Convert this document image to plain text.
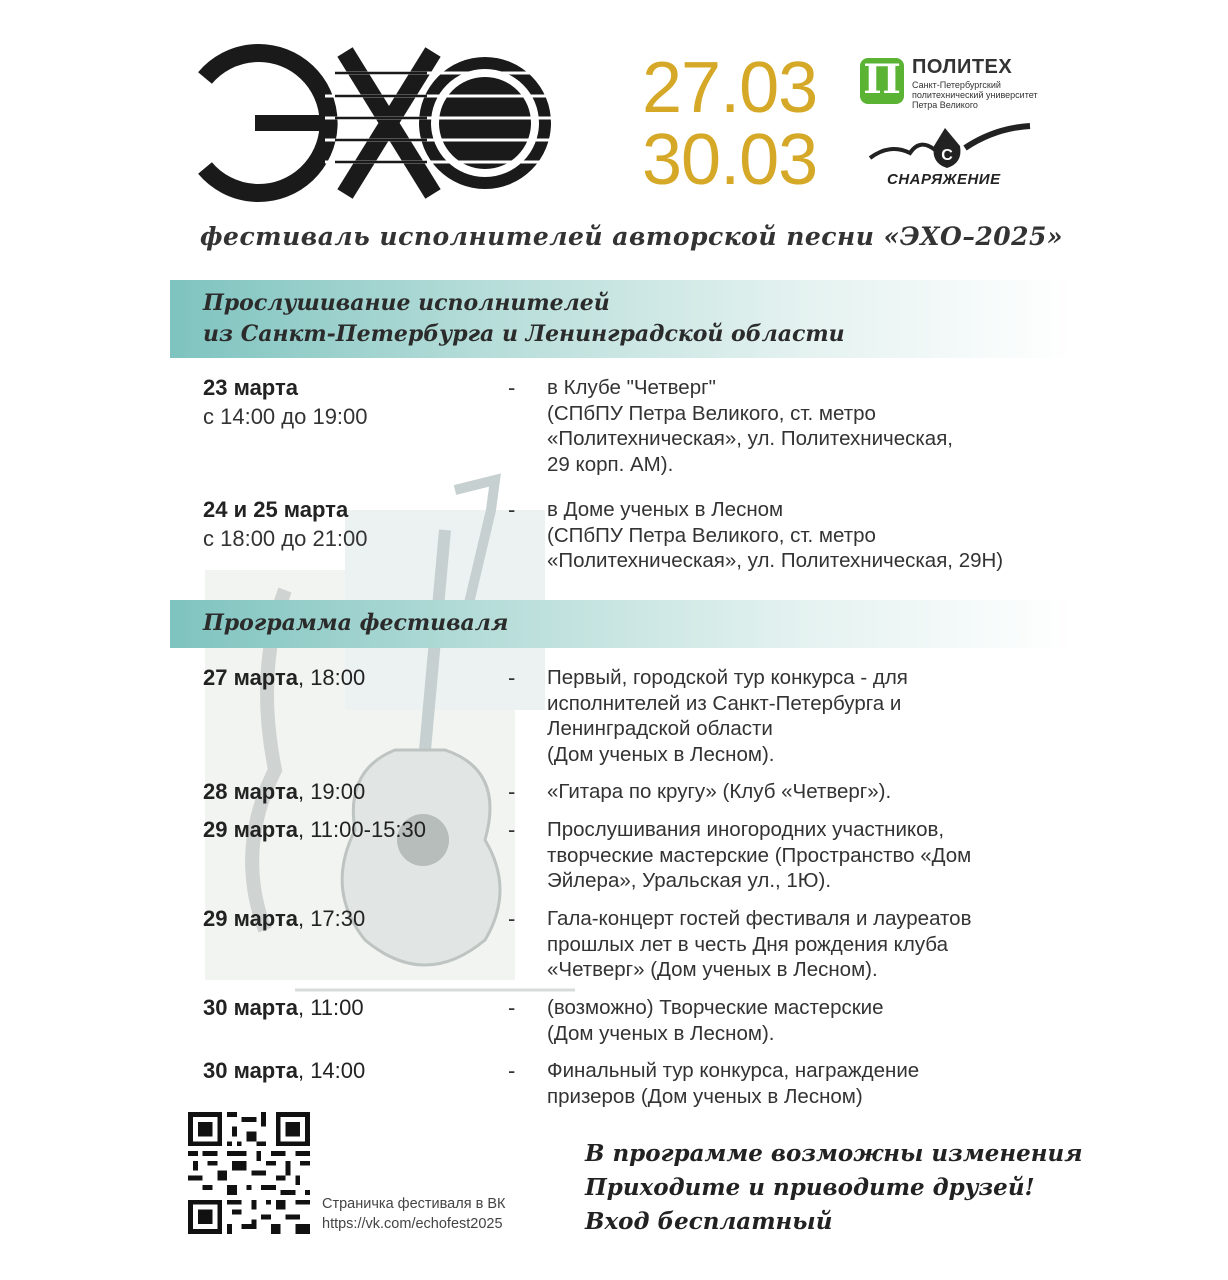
27.03
30.03
П ПОЛИТЕХ
Санкт-Петербургский
политехнический университет
Петра Великого
C
СНАРЯЖЕНИЕ
фестиваль исполнителей авторской песни «ЭХО–2025»
Прослушивание исполнителей
из Санкт-Петербурга и Ленинградской области
23 марта
с 14:00 до 19:00
- в Клубе "Четверг"
(СПбПУ Петра Великого, ст. метро
«Политехническая», ул. Политехническая,
29 корп. АМ).
24 и 25 марта
с 18:00 до 21:00
- в Доме ученых в Лесном
(СПбПУ Петра Великого, ст. метро
«Политехническая», ул. Политехническая, 29Н)
Программа фестиваля
27 марта, 18:00	- Первый, городской тур конкурса - для
исполнителей из Санкт-Петербурга и
Ленинградской области
(Дом ученых в Лесном).
28 марта, 19:00	- «Гитара по кругу» (Клуб «Четверг»).
29 марта, 11:00-15:30	- Прослушивания иногородних участников,
творческие мастерские (Пространство «Дом
Эйлера», Уральская ул., 1Ю).
29 марта, 17:30	- Гала-концерт гостей фестиваля и лауреатов
прошлых лет в честь Дня рождения клуба
«Четверг» (Дом ученых в Лесном).
30 марта, 11:00	- (возможно) Творческие мастерские
(Дом ученых в Лесном).
30 марта, 14:00	- Финальный тур конкурса, награждение
призеров (Дом ученых в Лесном)
Страничка фестиваля в ВК
https://vk.com/echofest2025
В программе возможны изменения
Приходите и приводите друзей!
Вход бесплатный
